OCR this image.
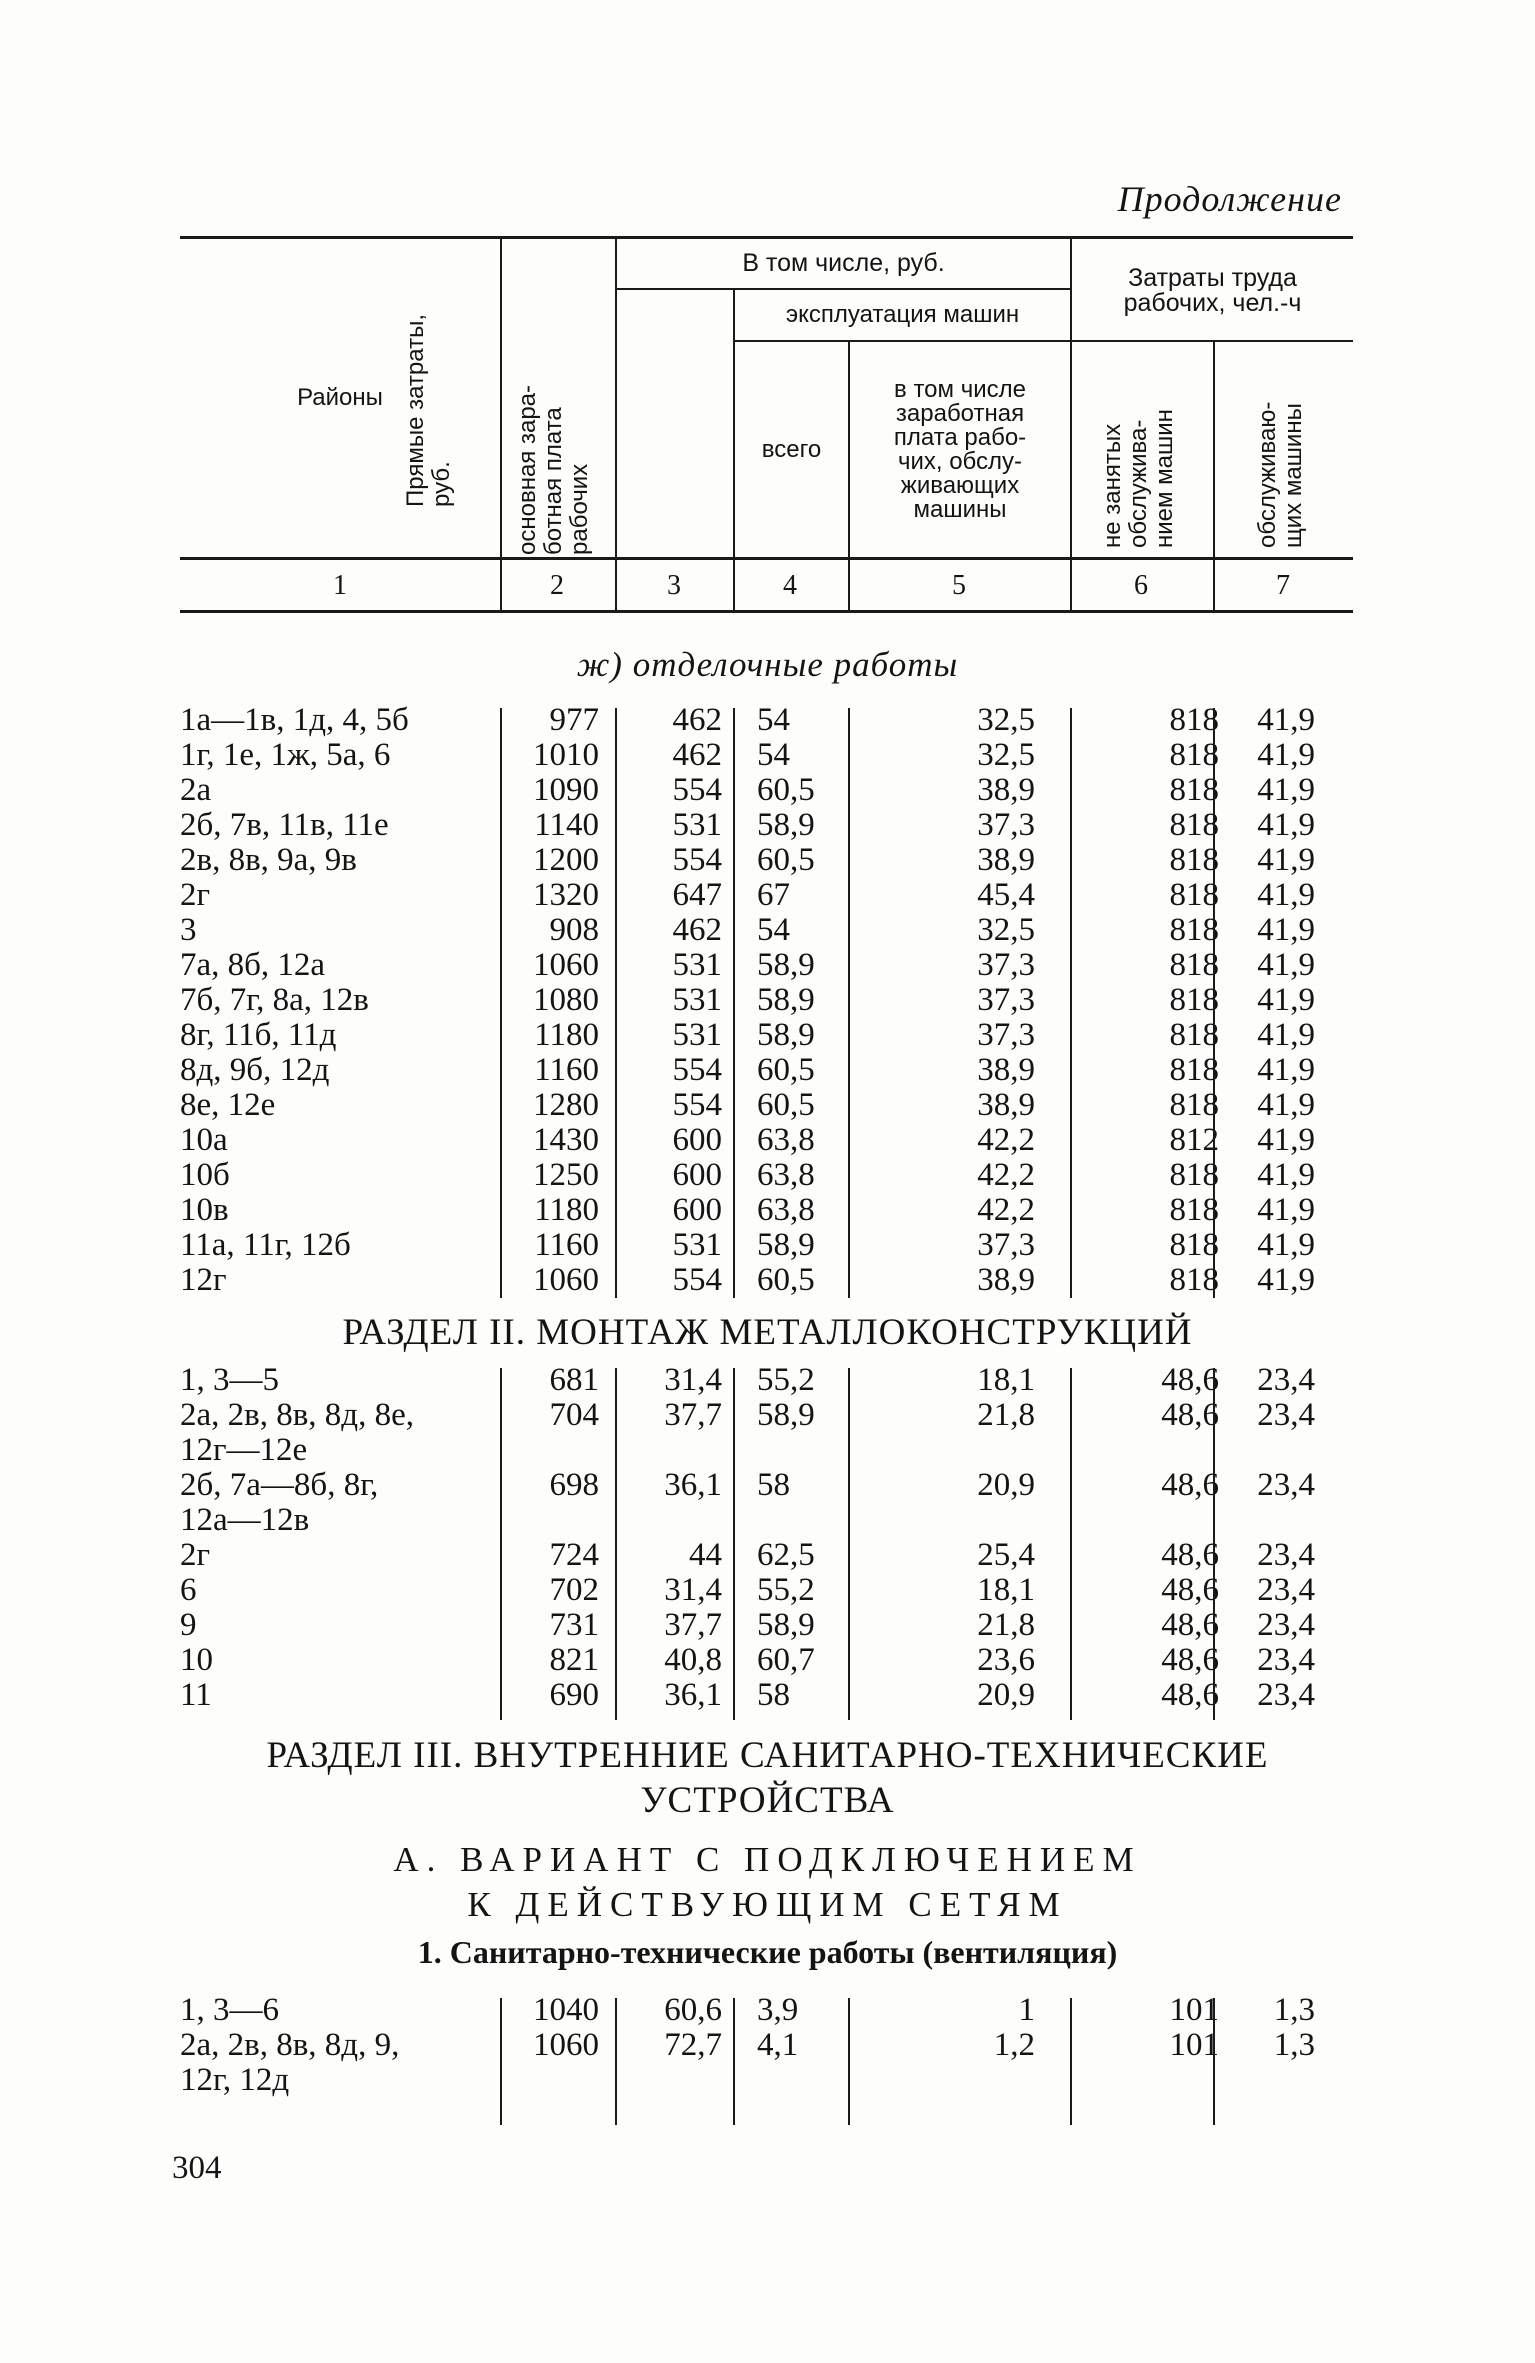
Продолжение
Районы Прямые затраты, руб.
В том числе, руб.
основная зара- ботная плата рабочих
эксплуатация машин
всего
в том числе
заработная
плата рабо-
чих, обслу-
живающих
машины
Затраты труда рабочих, чел.-ч
не занятых обслужива- нием машин	обслуживаю- щих машины
1	2	3	4	5	6	7
ж) отделочные работы
1а—1в, 1д, 4, 5б	977 462 54	32,5	818 41,9
1г, 1е, 1ж, 5а, 6	1010 462 54	32,5	818 41,9
2а	1090 554 60,5	38,9	818 41,9
2б, 7в, 11в, 11е	1140 531 58,9	37,3	818 41,9
2в, 8в, 9а, 9в	1200 554 60,5	38,9	818 41,9
2г	1320 647 67	45,4	818 41,9
3	908 462 54	32,5	818 41,9
7а, 8б, 12а	1060 531 58,9	37,3	818 41,9
7б, 7г, 8а, 12в	1080 531 58,9	37,3	818 41,9
8г, 11б, 11д	1180 531 58,9	37,3	818 41,9
8д, 9б, 12д	1160 554 60,5	38,9	818 41,9
8е, 12е	1280 554 60,5	38,9	818 41,9
10а	1430 600 63,8	42,2	812 41,9
10б	1250 600 63,8	42,2	818 41,9
10в	1180 600 63,8	42,2	818 41,9
11а, 11г, 12б	1160 531 58,9	37,3	818 41,9
12г	1060 554 60,5	38,9	818 41,9
РАЗДЕЛ II. МОНТАЖ МЕТАЛЛОКОНСТРУКЦИЙ
1, 3—5	681 31,4 55,2	18,1	48,6 23,4
2а, 2в, 8в, 8д, 8е,	704 37,7 58,9	21,8	48,6 23,4
12г—12е
2б, 7а—8б, 8г,	698 36,1 58	20,9	48,6 23,4
12а—12в
2г	724	44 62,5	25,4	48,6 23,4
6	702 31,4 55,2	18,1	48,6 23,4
9	731 37,7 58,9	21,8	48,6 23,4
10	821 40,8 60,7	23,6	48,6 23,4
11	690 36,1 58	20,9	48,6 23,4
РАЗДЕЛ III. ВНУТРЕННИЕ САНИТАРНО-ТЕХНИЧЕСКИЕ
УСТРОЙСТВА
А. ВАРИАНТ С ПОДКЛЮЧЕНИЕМ
К ДЕЙСТВУЮЩИМ СЕТЯМ
1. Санитарно-технические работы (вентиляция)
1, 3—6	1040 60,6 3,9	1	101 1,3
2а, 2в, 8в, 8д, 9,	1060 72,7 4,1	1,2	101 1,3
12г, 12д
304
